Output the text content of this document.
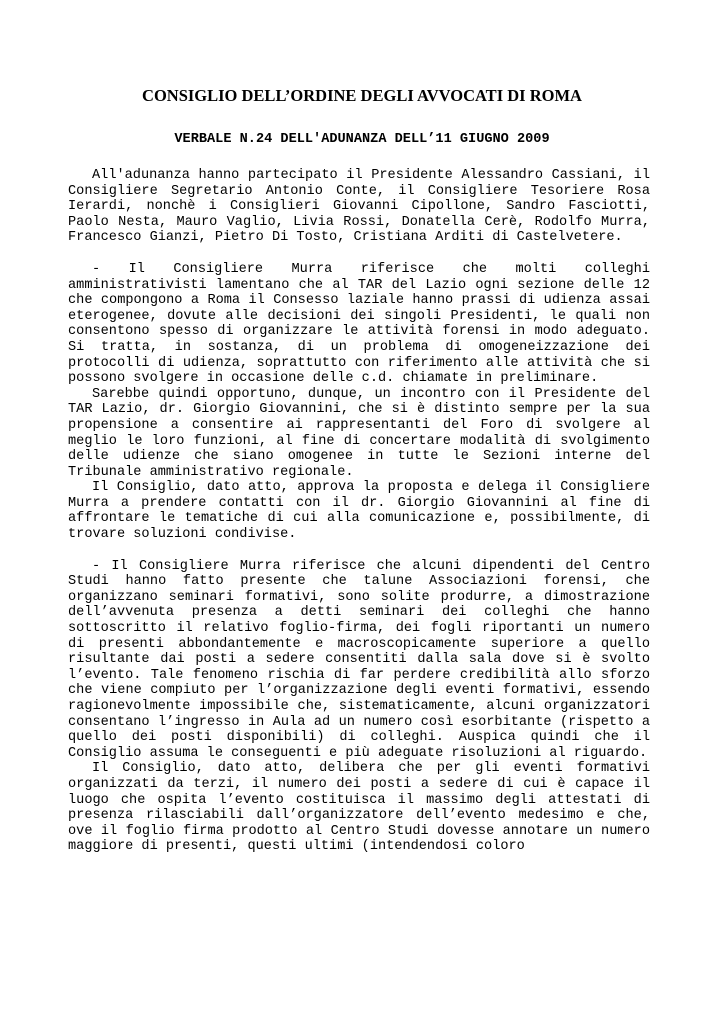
CONSIGLIO DELL’ORDINE DEGLI AVVOCATI DI ROMA
VERBALE N.24 DELL'ADUNANZA DELL’11 GIUGNO 2009

All'adunanza hanno partecipato il Presidente Alessandro Cassiani, il Consigliere Segretario Antonio Conte, il Consigliere Tesoriere Rosa Ierardi, nonchè i Consiglieri Giovanni Cipollone, Sandro Fasciotti, Paolo Nesta, Mauro Vaglio, Livia Rossi, Donatella Cerè, Rodolfo Murra, Francesco Gianzi, Pietro Di Tosto, Cristiana Arditi di Castelvetere.

- Il Consigliere Murra riferisce che molti colleghi amministrativisti lamentano che al TAR del Lazio ogni sezione delle 12 che compongono a Roma il Consesso laziale hanno prassi di udienza assai eterogenee, dovute alle decisioni dei singoli Presidenti, le quali non consentono spesso di organizzare le attività forensi in modo adeguato. Si tratta, in sostanza, di un problema di omogeneizzazione dei protocolli di udienza, soprattutto con riferimento alle attività che si possono svolgere in occasione delle c.d. chiamate in preliminare.

Sarebbe quindi opportuno, dunque, un incontro con il Presidente del TAR Lazio, dr. Giorgio Giovannini, che si è distinto sempre per la sua propensione a consentire ai rappresentanti del Foro di svolgere al meglio le loro funzioni, al fine di concertare modalità di svolgimento delle udienze che siano omogenee in tutte le Sezioni interne del Tribunale amministrativo regionale.

Il Consiglio, dato atto, approva la proposta e delega il Consigliere Murra a prendere contatti con il dr. Giorgio Giovannini al fine di affrontare le tematiche di cui alla comunicazione e, possibilmente, di trovare soluzioni condivise.

- Il Consigliere Murra riferisce che alcuni dipendenti del Centro Studi hanno fatto presente che talune Associazioni forensi, che organizzano seminari formativi, sono solite produrre, a dimostrazione dell’avvenuta presenza a detti seminari dei colleghi che hanno sottoscritto il relativo foglio-firma, dei fogli riportanti un numero di presenti abbondantemente e macroscopicamente superiore a quello risultante dai posti a sedere consentiti dalla sala dove si è svolto l’evento. Tale fenomeno rischia di far perdere credibilità allo sforzo che viene compiuto per l’organizzazione degli eventi formativi, essendo ragionevolmente impossibile che, sistematicamente, alcuni organizzatori consentano l’ingresso in Aula ad un numero così esorbitante (rispetto a quello dei posti disponibili) di colleghi. Auspica quindi che il Consiglio assuma le conseguenti e più adeguate risoluzioni al riguardo.

Il Consiglio, dato atto, delibera che per gli eventi formativi organizzati da terzi, il numero dei posti a sedere di cui è capace il luogo che ospita l’evento costituisca il massimo degli attestati di presenza rilasciabili dall’organizzatore dell’evento medesimo e che, ove il foglio firma prodotto al Centro Studi dovesse annotare un numero maggiore di presenti, questi ultimi (intendendosi coloro
